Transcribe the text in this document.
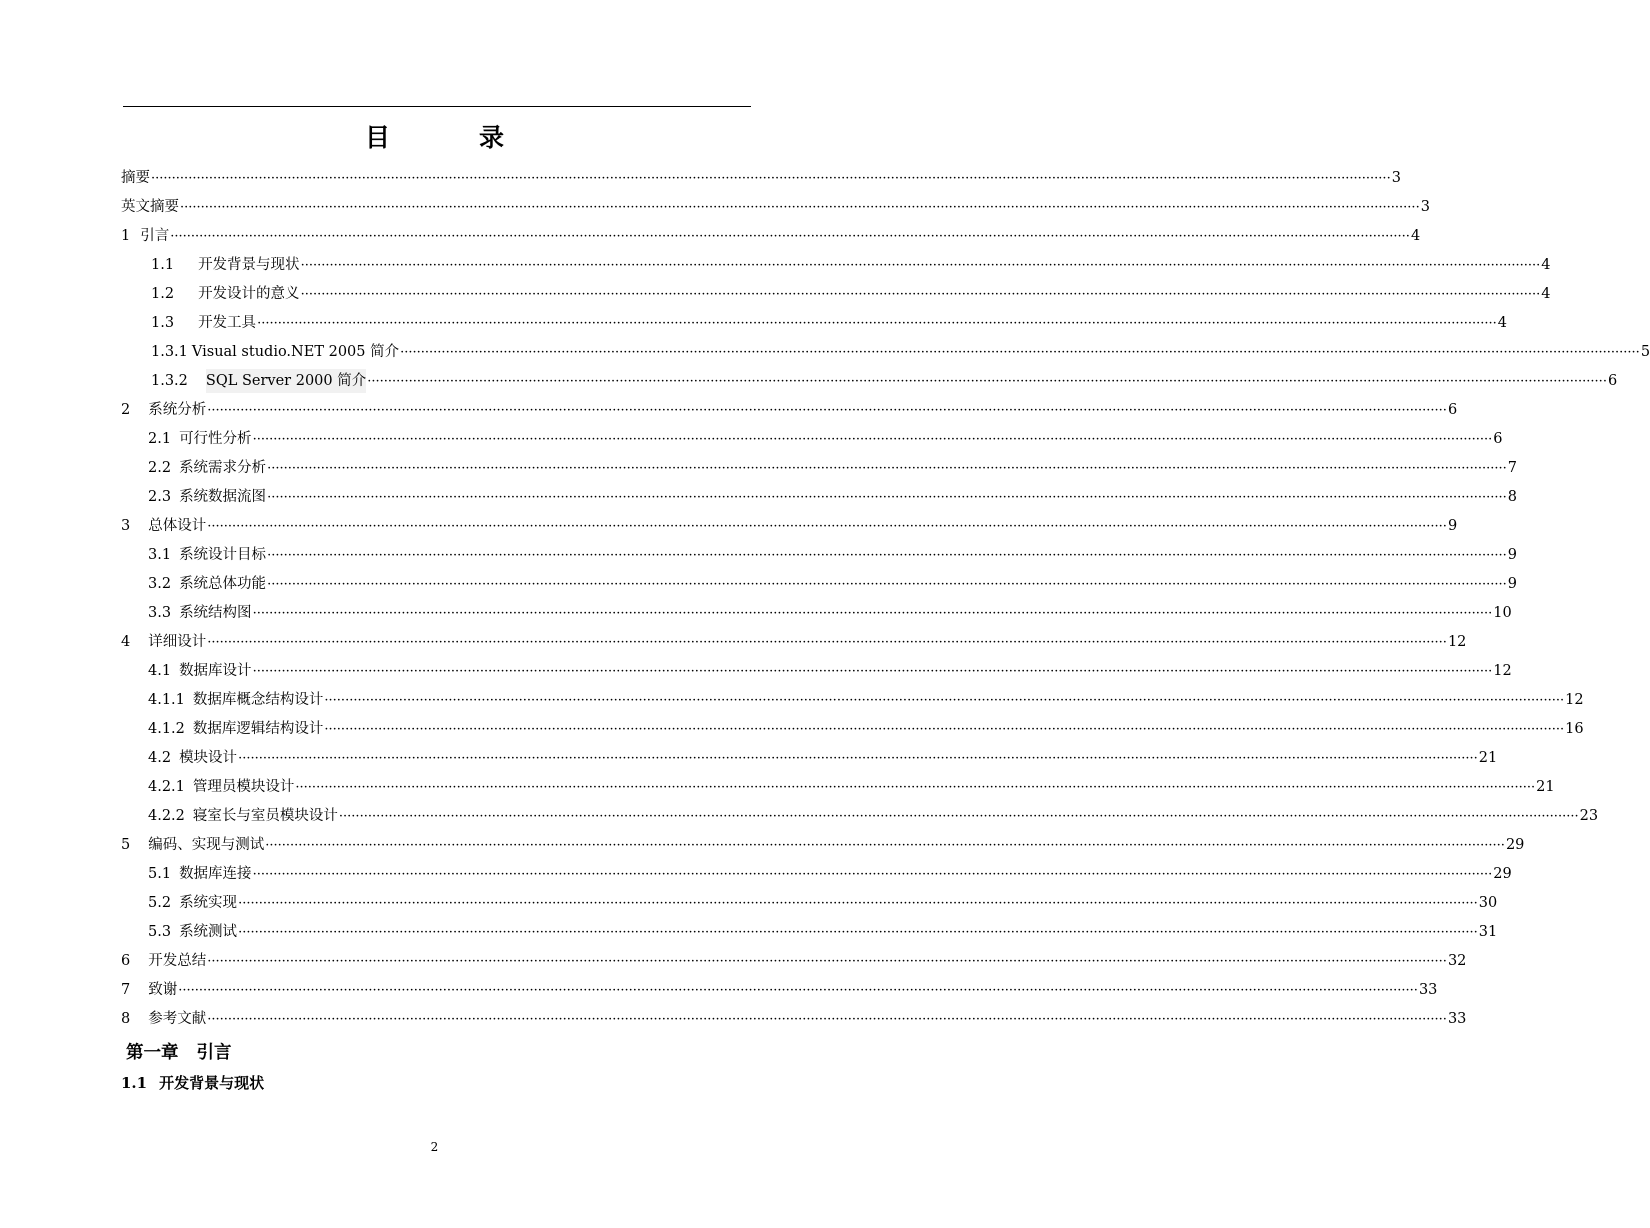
目　录
摘要 ············································································································································································································································································································ 3
英文摘要 ············································································································································································································································································································ 3
1 引言 ············································································································································································································································································································ 4
1.1 开发背景与现状 ············································································································································································································································································································ 4
1.2 开发设计的意义 ············································································································································································································································································································ 4
1.3 开发工具 ············································································································································································································································································································ 4
1.3.1 Visual studio.NET 2005 简介 ············································································································································································································································································································ 5
1.3.2 SQL Server 2000 简介 ············································································································································································································································································································ 6
2 系统分析 ············································································································································································································································································································ 6
2.1 可行性分析 ············································································································································································································································································································ 6
2.2 系统需求分析 ············································································································································································································································································································ 7
2.3 系统数据流图 ············································································································································································································································································································ 8
3 总体设计 ············································································································································································································································································································ 9
3.1 系统设计目标 ············································································································································································································································································································ 9
3.2 系统总体功能 ············································································································································································································································································································ 9
3.3 系统结构图 ············································································································································································································································································································ 10
4 详细设计 ············································································································································································································································································································ 12
4.1 数据库设计 ············································································································································································································································································································ 12
4.1.1 数据库概念结构设计 ············································································································································································································································································································ 12
4.1.2 数据库逻辑结构设计 ············································································································································································································································································································ 16
4.2 模块设计 ············································································································································································································································································································ 21
4.2.1 管理员模块设计 ············································································································································································································································································································ 21
4.2.2 寝室长与室员模块设计 ············································································································································································································································································································ 23
5 编码、实现与测试 ············································································································································································································································································································ 29
5.1 数据库连接 ············································································································································································································································································································ 29
5.2 系统实现 ············································································································································································································································································································ 30
5.3 系统测试 ············································································································································································································································································································ 31
6 开发总结 ············································································································································································································································································································ 32
7 致谢 ············································································································································································································································································································ 33
8 参考文献 ············································································································································································································································································································ 33
第一章 引言
1.1 开发背景与现状
2
